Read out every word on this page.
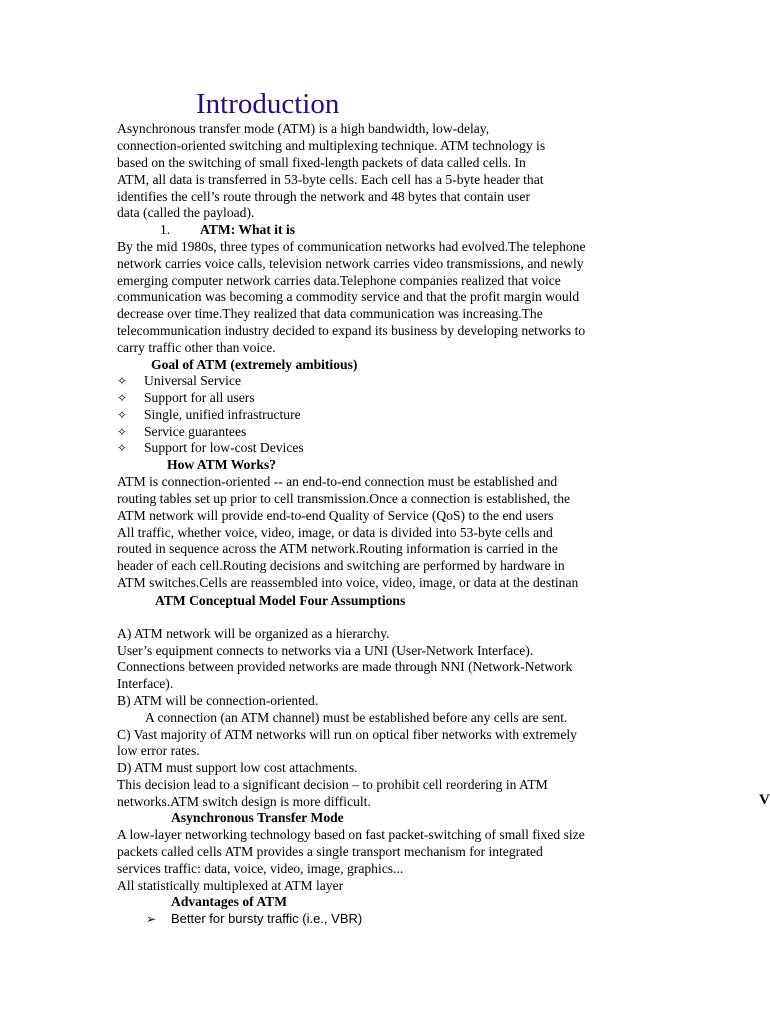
Introduction
Asynchronous transfer mode (ATM) is a high bandwidth, low-delay,
connection-oriented switching and multiplexing technique. ATM technology is
based on the switching of small fixed-length packets of data called cells. In
ATM, all data is transferred in 53-byte cells. Each cell has a 5-byte header that
identifies the cell’s route through the network and 48 bytes that contain user
data (called the payload).
1. ATM: What it is
By the mid 1980s, three types of communication networks had evolved.The telephone
network carries voice calls, television network carries video transmissions, and newly
emerging computer network carries data.Telephone companies realized that voice
communication was becoming a commodity service and that the profit margin would
decrease over time.They realized that data communication was increasing.The
telecommunication industry decided to expand its business by developing networks to
carry traffic other than voice.
Goal of ATM (extremely ambitious)
✧ Universal Service
✧ Support for all users
✧ Single, unified infrastructure
✧ Service guarantees
✧ Support for low-cost Devices
How ATM Works?
ATM is connection-oriented -- an end-to-end connection must be established and
routing tables set up prior to cell transmission.Once a connection is established, the
ATM network will provide end-to-end Quality of Service (QoS) to the end users
All traffic, whether voice, video, image, or data is divided into 53-byte cells and
routed in sequence across the ATM network.Routing information is carried in the
header of each cell.Routing decisions and switching are performed by hardware in
ATM switches.Cells are reassembled into voice, video, image, or data at the destinan
ATM Conceptual Model Four Assumptions
A) ATM network will be organized as a hierarchy.
User’s equipment connects to networks via a UNI (User-Network Interface).
Connections between provided networks are made through NNI (Network-Network
Interface).
B) ATM will be connection-oriented.
A connection (an ATM channel) must be established before any cells are sent.
C) Vast majority of ATM networks will run on optical fiber networks with extremely
low error rates.
D) ATM must support low cost attachments.
This decision lead to a significant decision – to prohibit cell reordering in ATM
networks.ATM switch design is more difficult.	V
Asynchronous Transfer Mode
A low-layer networking technology based on fast packet-switching of small fixed size
packets called cells ATM provides a single transport mechanism for integrated
services traffic: data, voice, video, image, graphics...
All statistically multiplexed at ATM layer
Advantages of ATM
➢ Better for bursty traffic (i.e., VBR)
